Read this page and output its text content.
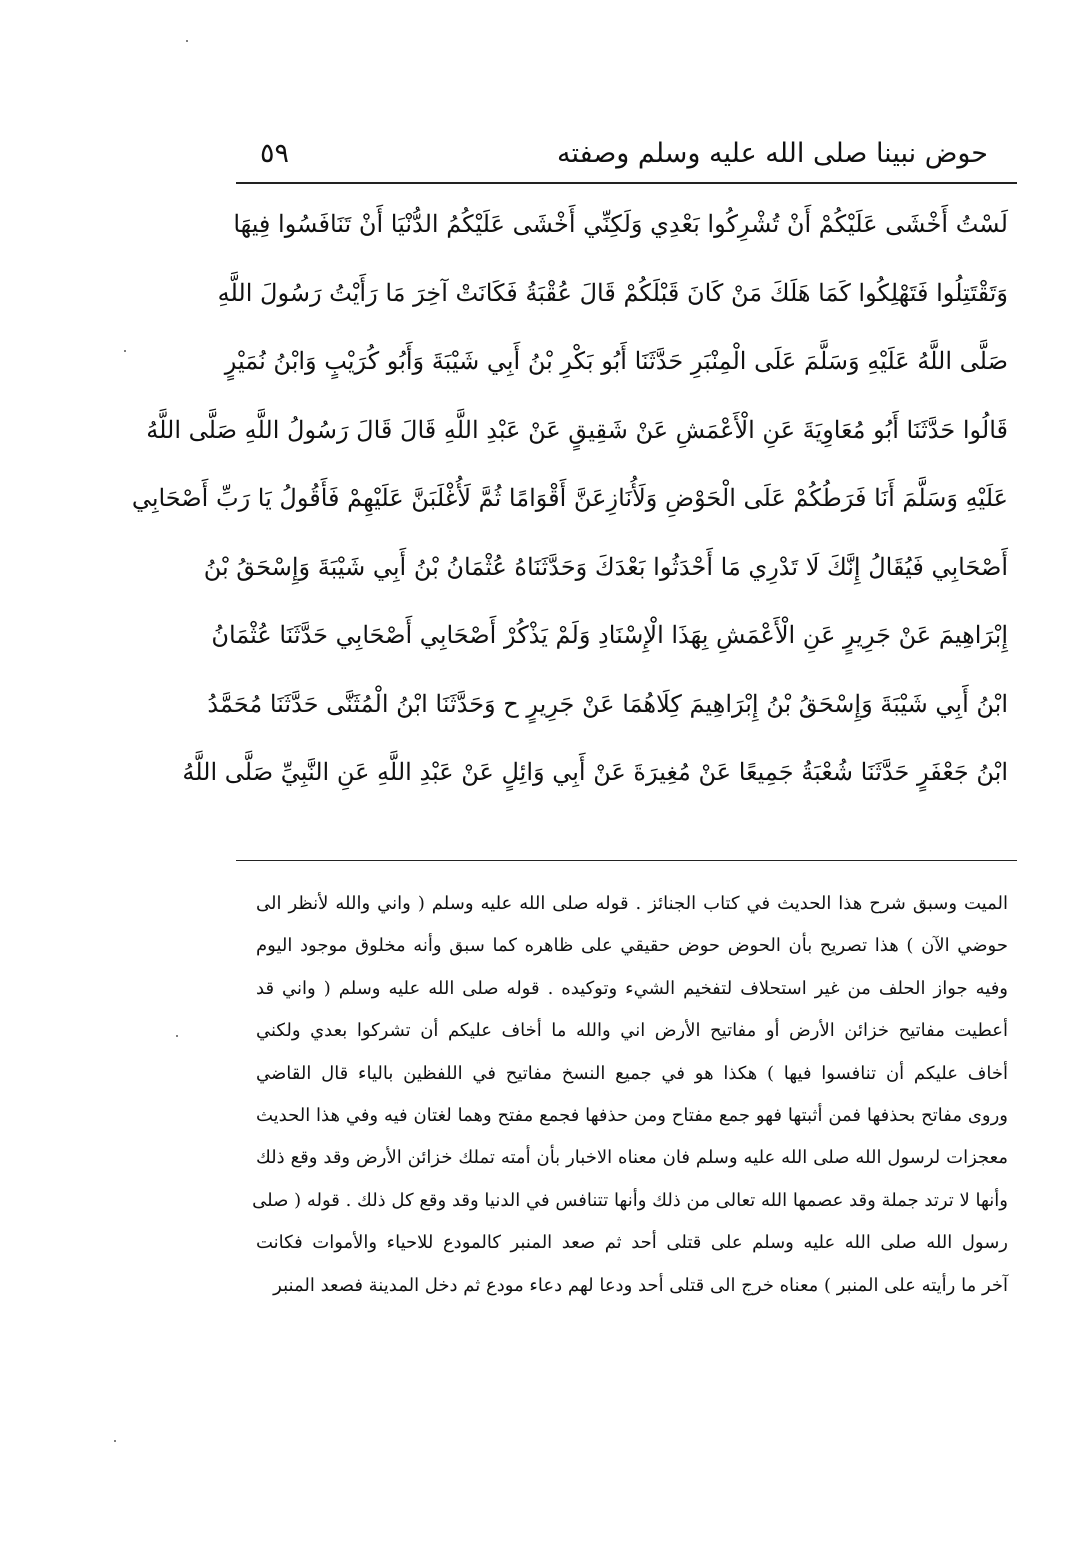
حوض نبينا صلى الله عليه وسلم وصفته
٥٩
لَسْتُ أَخْشَى عَلَيْكُمْ أَنْ تُشْرِكُوا بَعْدِي وَلَكِنِّي أَخْشَى عَلَيْكُمُ الدُّنْيَا أَنْ تَنَافَسُوا فِيهَا
وَتَقْتَتِلُوا فَتَهْلِكُوا كَمَا هَلَكَ مَنْ كَانَ قَبْلَكُمْ قَالَ عُقْبَةُ فَكَانَتْ آخِرَ مَا رَأَيْتُ رَسُولَ اللَّهِ
صَلَّى اللَّهُ عَلَيْهِ وَسَلَّمَ عَلَى الْمِنْبَرِ حَدَّثَنَا أَبُو بَكْرِ بْنُ أَبِي شَيْبَةَ وَأَبُو كُرَيْبٍ وَابْنُ نُمَيْرٍ
قَالُوا حَدَّثَنَا أَبُو مُعَاوِيَةَ عَنِ الْأَعْمَشِ عَنْ شَقِيقٍ عَنْ عَبْدِ اللَّهِ قَالَ قَالَ رَسُولُ اللَّهِ صَلَّى اللَّهُ
عَلَيْهِ وَسَلَّمَ أَنَا فَرَطُكُمْ عَلَى الْحَوْضِ وَلَأُنَازِعَنَّ أَقْوَامًا ثُمَّ لَأُغْلَبَنَّ عَلَيْهِمْ فَأَقُولُ يَا رَبِّ أَصْحَابِي
أَصْحَابِي فَيُقَالُ إِنَّكَ لَا تَدْرِي مَا أَحْدَثُوا بَعْدَكَ وَحَدَّثَنَاهُ عُثْمَانُ بْنُ أَبِي شَيْبَةَ وَإِسْحَقُ بْنُ
إِبْرَاهِيمَ عَنْ جَرِيرٍ عَنِ الْأَعْمَشِ بِهَذَا الْإِسْنَادِ وَلَمْ يَذْكُرْ أَصْحَابِي أَصْحَابِي حَدَّثَنَا عُثْمَانُ
ابْنُ أَبِي شَيْبَةَ وَإِسْحَقُ بْنُ إِبْرَاهِيمَ كِلَاهُمَا عَنْ جَرِيرٍ ح وَحَدَّثَنَا ابْنُ الْمُثَنَّى حَدَّثَنَا مُحَمَّدُ
ابْنُ جَعْفَرٍ حَدَّثَنَا شُعْبَةُ جَمِيعًا عَنْ مُغِيرَةَ عَنْ أَبِي وَائِلٍ عَنْ عَبْدِ اللَّهِ عَنِ النَّبِيِّ صَلَّى اللَّهُ
الميت وسبق شرح هذا الحديث في كتاب الجنائز . قوله صلى الله عليه وسلم ( واني والله لأنظر الى
حوضي الآن ) هذا تصريح بأن الحوض حوض حقيقي على ظاهره كما سبق وأنه مخلوق موجود اليوم
وفيه جواز الحلف من غير استحلاف لتفخيم الشيء وتوكيده . قوله صلى الله عليه وسلم ( واني قد
أعطيت مفاتيح خزائن الأرض أو مفاتيح الأرض اني والله ما أخاف عليكم أن تشركوا بعدي ولكني
أخاف عليكم أن تنافسوا فيها ) هكذا هو في جميع النسخ مفاتيح في اللفظين بالياء قال القاضي
وروى مفاتح بحذفها فمن أثبتها فهو جمع مفتاح ومن حذفها فجمع مفتح وهما لغتان فيه وفي هذا الحديث
معجزات لرسول الله صلى الله عليه وسلم فان معناه الاخبار بأن أمته تملك خزائن الأرض وقد وقع ذلك
وأنها لا ترتد جملة وقد عصمها الله تعالى من ذلك وأنها تتنافس في الدنيا وقد وقع كل ذلك . قوله ( صلى
رسول الله صلى الله عليه وسلم على قتلى أحد ثم صعد المنبر كالمودع للاحياء والأموات فكانت
آخر ما رأيته على المنبر ) معناه خرج الى قتلى أحد ودعا لهم دعاء مودع ثم دخل المدينة فصعد المنبر
